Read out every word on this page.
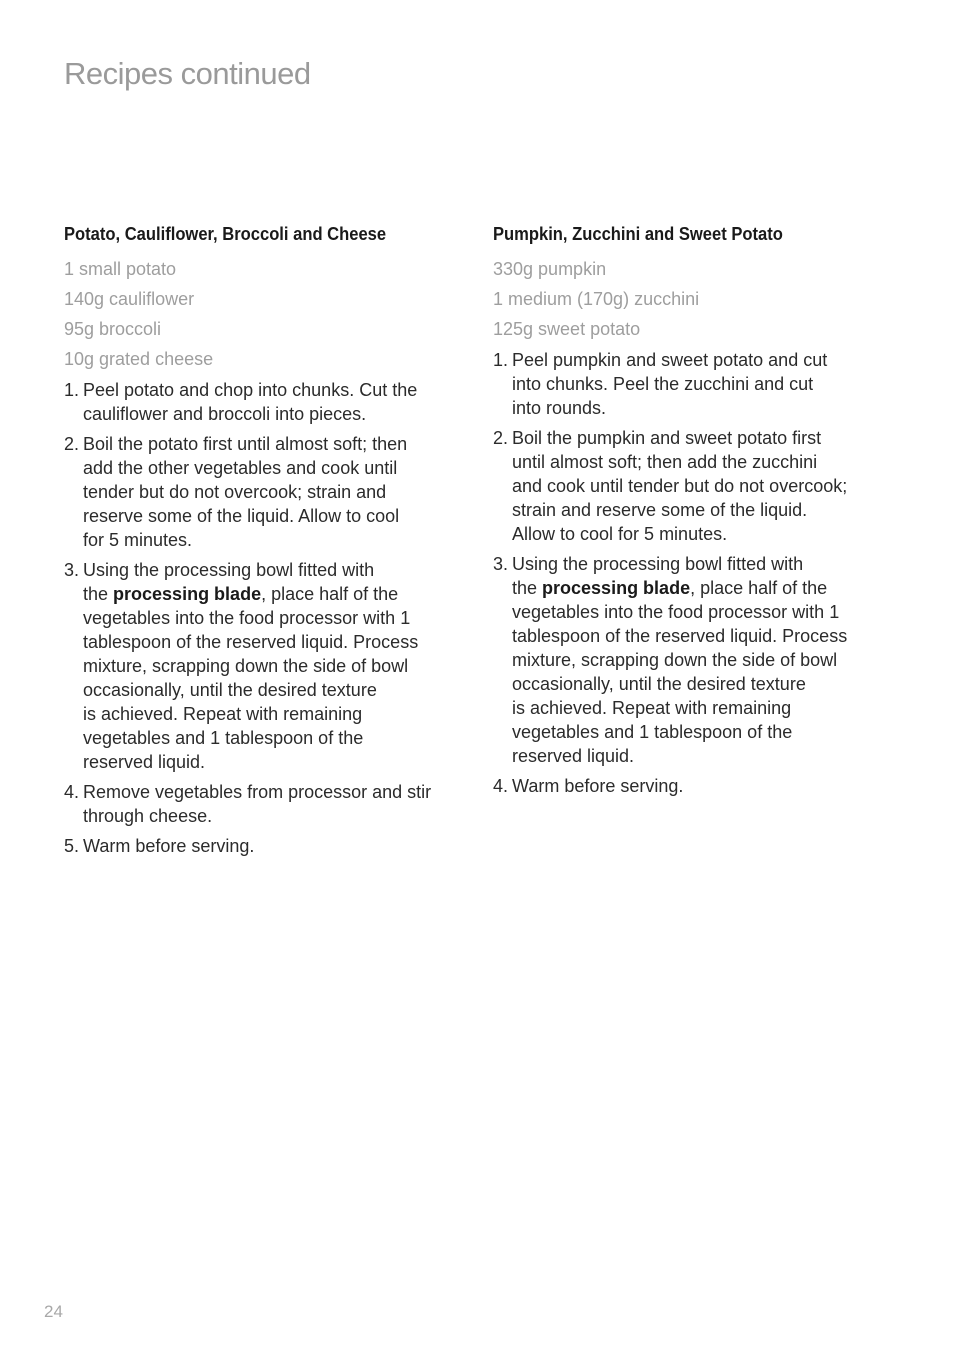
Recipes continued
Potato, Cauliflower, Broccoli and Cheese
1 small potato
140g cauliflower
95g broccoli
10g grated cheese
1. Peel potato and chop into chunks. Cut the
cauliflower and broccoli into pieces.
2. Boil the potato first until almost soft; then
add the other vegetables and cook until
tender but do not overcook; strain and
reserve some of the liquid. Allow to cool
for 5 minutes.
3. Using the processing bowl fitted with
the processing blade, place half of the
vegetables into the food processor with 1
tablespoon of the reserved liquid. Process
mixture, scrapping down the side of bowl
occasionally, until the desired texture
is achieved. Repeat with remaining
vegetables and 1 tablespoon of the
reserved liquid.
4. Remove vegetables from processor and stir
through cheese.
5. Warm before serving.
Pumpkin, Zucchini and Sweet Potato
330g pumpkin
1 medium (170g) zucchini
125g sweet potato
1. Peel pumpkin and sweet potato and cut
into chunks. Peel the zucchini and cut
into rounds.
2. Boil the pumpkin and sweet potato first
until almost soft; then add the zucchini
and cook until tender but do not overcook;
strain and reserve some of the liquid.
Allow to cool for 5 minutes.
3. Using the processing bowl fitted with
the processing blade, place half of the
vegetables into the food processor with 1
tablespoon of the reserved liquid. Process
mixture, scrapping down the side of bowl
occasionally, until the desired texture
is achieved. Repeat with remaining
vegetables and 1 tablespoon of the
reserved liquid.
4. Warm before serving.
24
